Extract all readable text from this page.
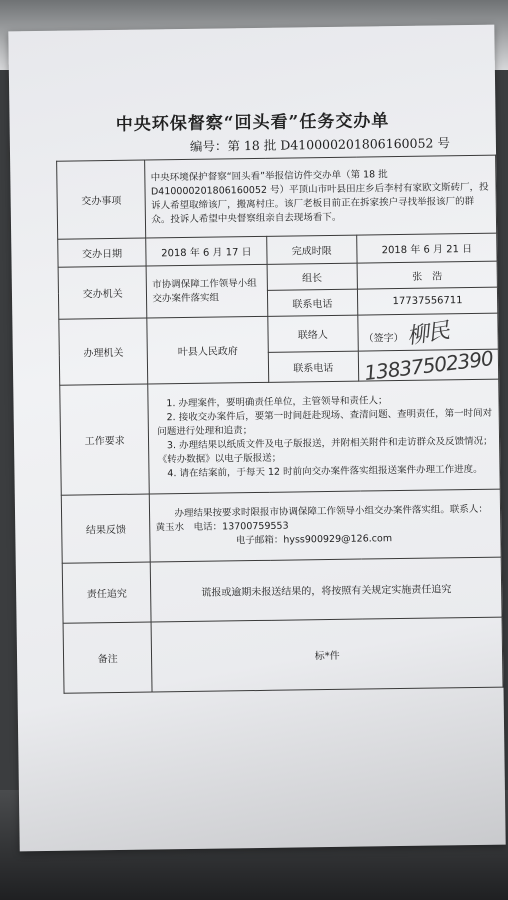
中央环保督察“回头看”任务交办单
编号：第 18 批 D410000201806160052 号
交办事项	中央环境保护督察“回头看”举报信访件交办单（第 18 批 D410000201806160052 号）平顶山市叶县田庄乡后李村有家欧文斯砖厂，投诉人希望取缔该厂，搬离村庄。该厂老板目前正在拆家挨户寻找举报该厂的群众。投诉人希望中央督察组亲自去现场看下。		
交办日期	2018 年 6 月 17 日	完成时限	2018 年 6 月 21 日
交办机关	市协调保障工作领导小组交办案件落实组	组长	张　浩
		联系电话	17737556711
办理机关	叶县人民政府	联络人	（签字） 柳民
		联系电话	13837502390
工作要求	1. 办理案件，要明确责任单位，主管领导和责任人；
2. 接收交办案件后，要第一时间赶赴现场、查清问题、查明责任，第一时间对问题进行处理和追责；
3. 办理结果以纸质文件及电子版报送，并附相关附件和走访群众及反馈情况；《转办数据》以电子版报送；
4. 请在结案前，于每天 12 时前向交办案件落实组报送案件办理工作进度。		

结果反馈	办理结果按要求时限报市协调保障工作领导小组交办案件落实组。联系人：黄玉水　电话：13700759553
电子邮箱：hyss900929@126.com		

责任追究	谎报或逾期未报送结果的，将按照有关规定实施责任追究		
备注	标*件		
